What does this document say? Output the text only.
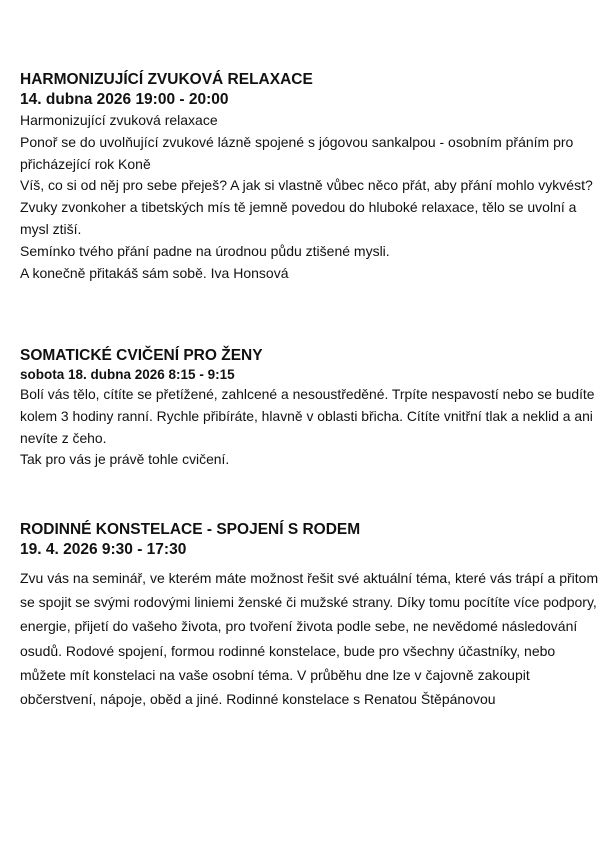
HARMONIZUJÍCÍ ZVUKOVÁ RELAXACE
14. dubna 2026 19:00 - 20:00

Harmonizující zvuková relaxace

Ponoř se do uvolňující zvukové lázně spojené s jógovou sankalpou - osobním přáním pro přicházející rok Koně

Víš, co si od něj pro sebe přeješ? A jak si vlastně vůbec něco přát, aby přání mohlo vykvést?

Zvuky zvonkoher a tibetských mís tě jemně povedou do hluboké relaxace, tělo se uvolní a mysl ztiší.

Semínko tvého přání padne na úrodnou půdu ztišené mysli.

A konečně přitakáš sám sobě. Iva Honsová

SOMATICKÉ CVIČENÍ PRO ŽENY
sobota 18. dubna 2026 8:15 - 9:15

Bolí vás tělo, cítíte se přetížené, zahlcené a nesoustředěné. Trpíte nespavostí nebo se budíte kolem 3 hodiny ranní. Rychle přibíráte, hlavně v oblasti břicha. Cítíte vnitřní tlak a neklid a ani nevíte z čeho.

Tak pro vás je právě tohle cvičení.

RODINNÉ KONSTELACE - SPOJENÍ S RODEM
19. 4. 2026 9:30 - 17:30

Zvu vás na seminář, ve kterém máte možnost řešit své aktuální téma, které vás trápí a přitom se spojit se svými rodovými liniemi ženské či mužské strany. Díky tomu pocítíte více podpory, energie, přijetí do vašeho života, pro tvoření života podle sebe, ne nevědomé následování osudů. Rodové spojení, formou rodinné konstelace, bude pro všechny účastníky, nebo můžete mít konstelaci na vaše osobní téma. V průběhu dne lze v čajovně zakoupit občerstvení, nápoje, oběd a jiné. Rodinné konstelace s Renatou Štěpánovou
